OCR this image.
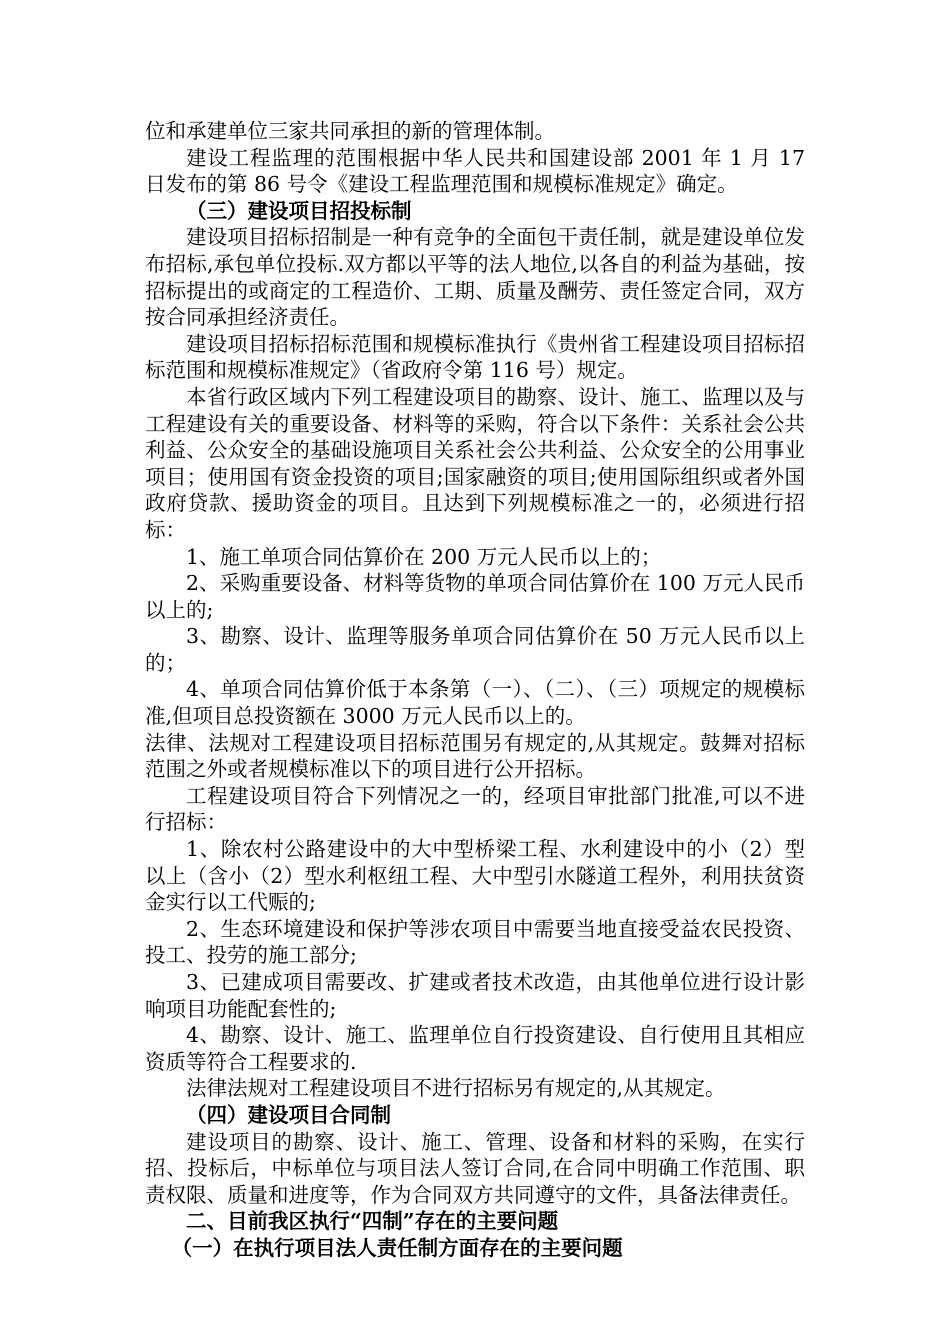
位和承建单位三家共同承担的新的管理体制。

建设工程监理的范围根据中华人民共和国建设部 2001 年 1 月 17 日发布的第 86 号令《建设工程监理范围和规模标准规定》确定。

（三）建设项目招投标制

建设项目招标招制是一种有竞争的全面包干责任制，就是建设单位发布招标,承包单位投标.双方都以平等的法人地位,以各自的利益为基础，按招标提出的或商定的工程造价、工期、质量及酬劳、责任签定合同，双方按合同承担经济责任。

建设项目招标招标范围和规模标准执行《贵州省工程建设项目招标招标范围和规模标准规定》（省政府令第 116 号）规定。

本省行政区域内下列工程建设项目的勘察、设计、施工、监理以及与工程建设有关的重要设备、材料等的采购，符合以下条件：关系社会公共利益、公众安全的基础设施项目关系社会公共利益、公众安全的公用事业项目；使用国有资金投资的项目;国家融资的项目;使用国际组织或者外国政府贷款、援助资金的项目。且达到下列规模标准之一的，必须进行招标：

1、施工单项合同估算价在 200 万元人民币以上的；

2、采购重要设备、材料等货物的单项合同估算价在 100 万元人民币以上的;

3、勘察、设计、监理等服务单项合同估算价在 50 万元人民币以上的；

4、单项合同估算价低于本条第（一）、（二）、（三）项规定的规模标准,但项目总投资额在 3000 万元人民币以上的。

法律、法规对工程建设项目招标范围另有规定的,从其规定。鼓舞对招标范围之外或者规模标准以下的项目进行公开招标。

工程建设项目符合下列情况之一的，经项目审批部门批准,可以不进行招标：

1、除农村公路建设中的大中型桥梁工程、水利建设中的小（2）型以上（含小（2）型水利枢纽工程、大中型引水隧道工程外，利用扶贫资金实行以工代赈的;

2、生态环境建设和保护等涉农项目中需要当地直接受益农民投资、投工、投劳的施工部分;

3、已建成项目需要改、扩建或者技术改造，由其他单位进行设计影响项目功能配套性的;

4、勘察、设计、施工、监理单位自行投资建设、自行使用且其相应资质等符合工程要求的.

法律法规对工程建设项目不进行招标另有规定的,从其规定。

（四）建设项目合同制

建设项目的勘察、设计、施工、管理、设备和材料的采购，在实行招、投标后，中标单位与项目法人签订合同,在合同中明确工作范围、职责权限、质量和进度等，作为合同双方共同遵守的文件，具备法律责任。

二、目前我区执行“四制”存在的主要问题

（一）在执行项目法人责任制方面存在的主要问题
